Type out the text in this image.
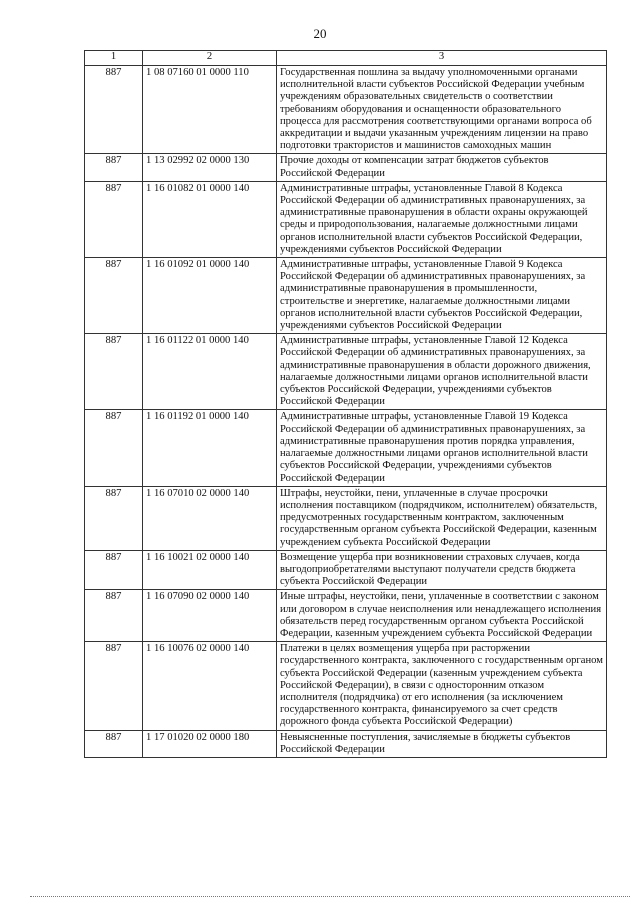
20
1	2	3
887	1 08 07160 01 0000 110	Государственная пошлина за выдачу уполномоченными органами исполнительной власти субъектов Российской Федерации учебным учреждениям образовательных свидетельств о соответствии требованиям оборудования и оснащенности образовательного процесса для рассмотрения соответствующими органами вопроса об аккредитации и выдачи указанным учреждениям лицензии на право подготовки трактористов и машинистов самоходных машин
887	1 13 02992 02 0000 130	Прочие доходы от компенсации затрат бюджетов субъектов Российской Федерации
887	1 16 01082 01 0000 140	Административные штрафы, установленные Главой 8 Кодекса Российской Федерации об административных правонарушениях, за административные правонарушения в области охраны окружающей среды и природопользования, налагаемые должностными лицами органов исполнительной власти субъектов Российской Федерации, учреждениями субъектов Российской Федерации
887	1 16 01092 01 0000 140	Административные штрафы, установленные Главой 9 Кодекса Российской Федерации об административных правонарушениях, за административные правонарушения в промышленности, строительстве и энергетике, налагаемые должностными лицами органов исполнительной власти субъектов Российской Федерации, учреждениями субъектов Российской Федерации
887	1 16 01122 01 0000 140	Административные штрафы, установленные Главой 12 Кодекса Российской Федерации об административных правонарушениях, за административные правонарушения в области дорожного движения, налагаемые должностными лицами органов исполнительной власти субъектов Российской Федерации, учреждениями субъектов Российской Федерации
887	1 16 01192 01 0000 140	Административные штрафы, установленные Главой 19 Кодекса Российской Федерации об административных правонарушениях, за административные правонарушения против порядка управления, налагаемые должностными лицами органов исполнительной власти субъектов Российской Федерации, учреждениями субъектов Российской Федерации
887	1 16 07010 02 0000 140	Штрафы, неустойки, пени, уплаченные в случае просрочки исполнения поставщиком (подрядчиком, исполнителем) обязательств, предусмотренных государственным контрактом, заключенным государственным органом субъекта Российской Федерации, казенным учреждением субъекта Российской Федерации
887	1 16 10021 02 0000 140	Возмещение ущерба при возникновении страховых случаев, когда выгодоприобретателями выступают получатели средств бюджета субъекта Российской Федерации
887	1 16 07090 02 0000 140	Иные штрафы, неустойки, пени, уплаченные в соответствии с законом или договором в случае неисполнения или ненадлежащего исполнения обязательств перед государственным органом субъекта Российской Федерации, казенным учреждением субъекта Российской Федерации
887	1 16 10076 02 0000 140	Платежи в целях возмещения ущерба при расторжении государственного контракта, заключенного с государственным органом субъекта Российской Федерации (казенным учреждением субъекта Российской Федерации), в связи с односторонним отказом исполнителя (подрядчика) от его исполнения (за исключением государственного контракта, финансируемого за счет средств дорожного фонда субъекта Российской Федерации)
887	1 17 01020 02 0000 180	Невыясненные поступления, зачисляемые в бюджеты субъектов Российской Федерации
